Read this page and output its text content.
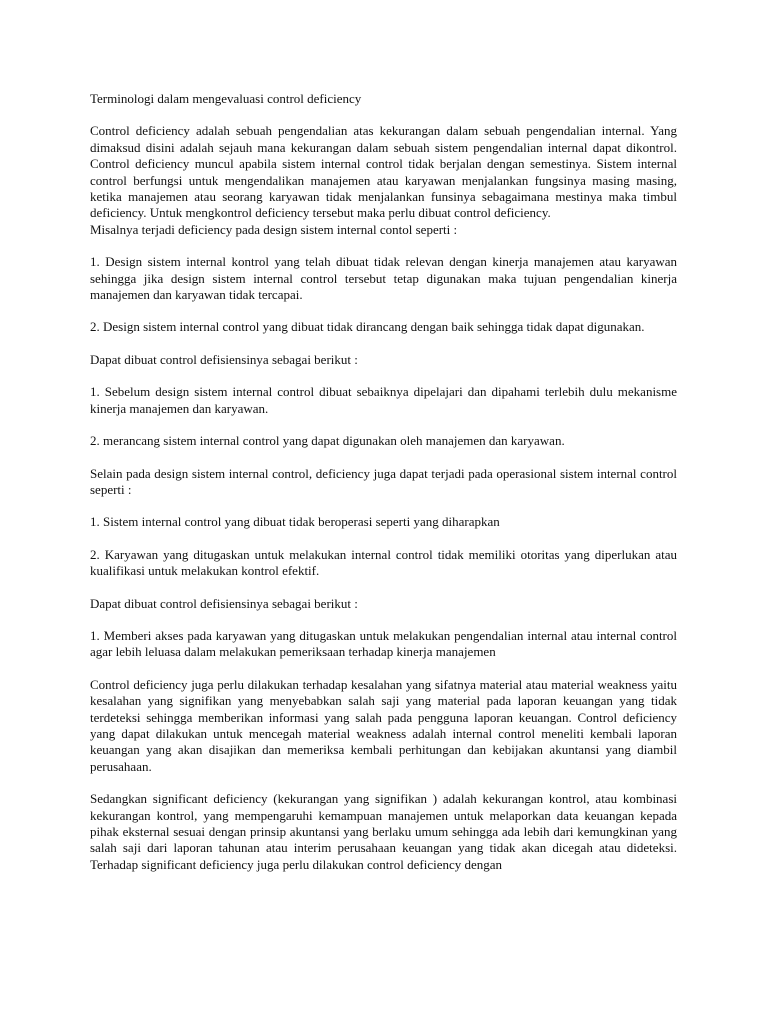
Terminologi dalam mengevaluasi control deficiency

Control deficiency adalah sebuah pengendalian atas kekurangan dalam sebuah pengendalian internal. Yang dimaksud disini adalah sejauh mana kekurangan dalam sebuah sistem pengendalian internal dapat dikontrol. Control deficiency muncul apabila sistem internal control tidak berjalan dengan semestinya. Sistem internal control berfungsi untuk mengendalikan manajemen atau karyawan menjalankan fungsinya masing masing, ketika manajemen atau seorang karyawan tidak menjalankan funsinya sebagaimana mestinya maka timbul deficiency. Untuk mengkontrol deficiency tersebut maka perlu dibuat control deficiency.

Misalnya terjadi deficiency pada design sistem internal contol seperti :

1. Design sistem internal kontrol yang telah dibuat tidak relevan dengan kinerja manajemen atau karyawan sehingga jika design sistem internal control tersebut tetap digunakan maka tujuan pengendalian kinerja manajemen dan karyawan tidak tercapai.

2. Design sistem internal control yang dibuat tidak dirancang dengan baik sehingga tidak dapat digunakan.

Dapat dibuat control defisiensinya sebagai berikut :

1. Sebelum design sistem internal control dibuat sebaiknya dipelajari dan dipahami terlebih dulu mekanisme kinerja manajemen dan karyawan.

2. merancang sistem internal control yang dapat digunakan oleh manajemen dan karyawan.

Selain pada design sistem internal control, deficiency juga dapat terjadi pada operasional sistem internal control seperti :

1. Sistem internal control yang dibuat tidak beroperasi seperti yang diharapkan

2. Karyawan yang ditugaskan untuk melakukan internal control tidak memiliki otoritas yang diperlukan atau kualifikasi untuk melakukan kontrol efektif.

Dapat dibuat control defisiensinya sebagai berikut :

1. Memberi akses pada karyawan yang ditugaskan untuk melakukan pengendalian internal atau internal control agar lebih leluasa dalam melakukan pemeriksaan terhadap kinerja manajemen

Control deficiency juga perlu dilakukan terhadap kesalahan yang sifatnya material atau material weakness yaitu kesalahan yang signifikan yang menyebabkan salah saji yang material pada laporan keuangan yang tidak terdeteksi sehingga memberikan informasi yang salah pada pengguna laporan keuangan. Control deficiency yang dapat dilakukan untuk mencegah material weakness adalah internal control meneliti kembali laporan keuangan yang akan disajikan dan memeriksa kembali perhitungan dan kebijakan akuntansi yang diambil perusahaan.

Sedangkan significant deficiency (kekurangan yang signifikan ) adalah kekurangan kontrol, atau kombinasi kekurangan kontrol, yang mempengaruhi kemampuan manajemen untuk melaporkan data keuangan kepada pihak eksternal sesuai dengan prinsip akuntansi yang berlaku umum sehingga ada lebih dari kemungkinan yang salah saji dari laporan tahunan atau interim perusahaan keuangan yang tidak akan dicegah atau dideteksi. Terhadap significant deficiency juga perlu dilakukan control deficiency dengan
